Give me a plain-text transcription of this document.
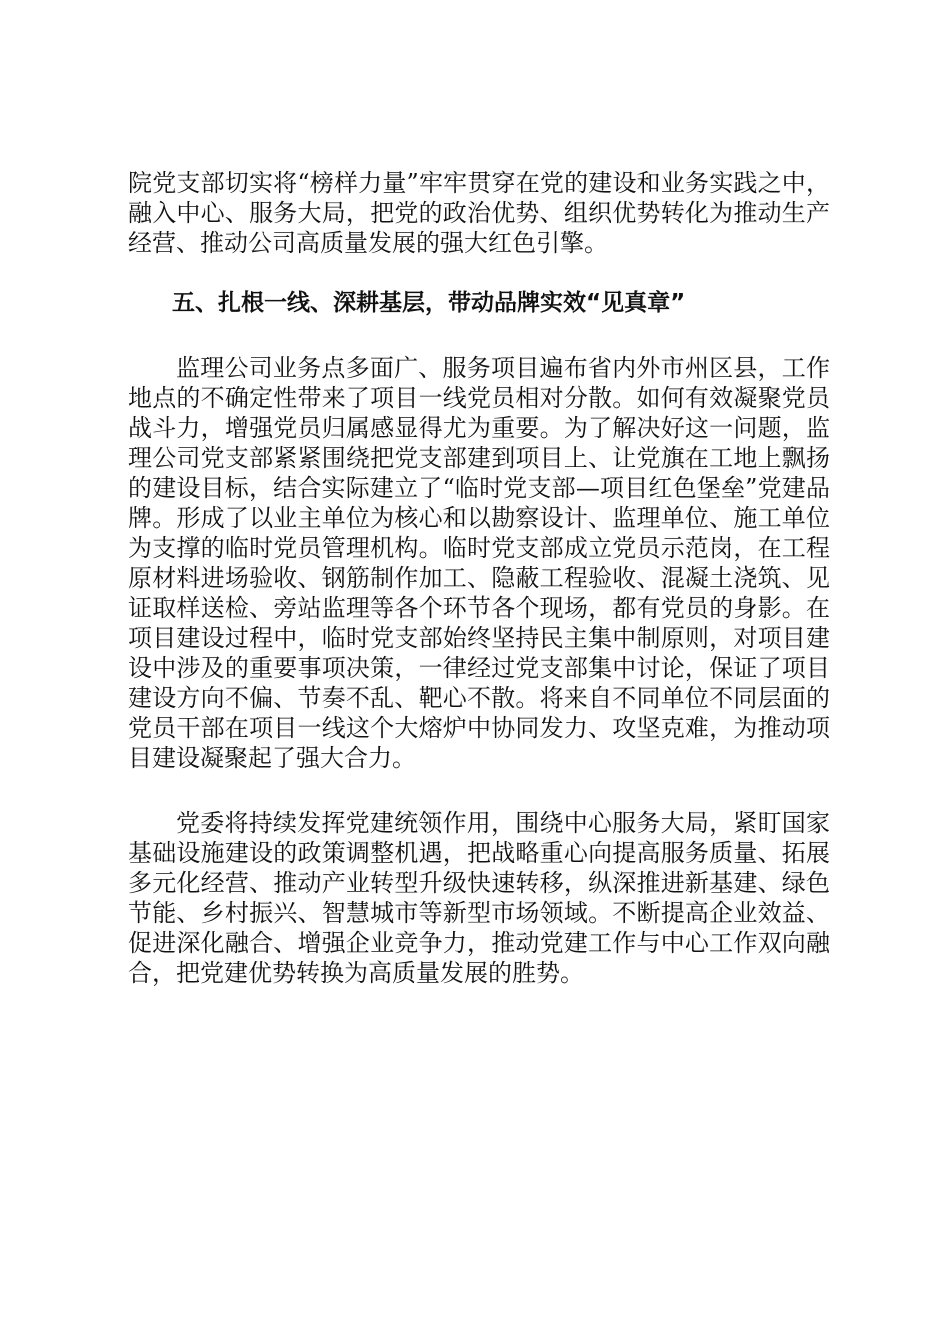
院党支部切实将“榜样力量”牢牢贯穿在党的建设和业务实践之中，融入中心、服务大局，把党的政治优势、组织优势转化为推动生产经营、推动公司高质量发展的强大红色引擎。

五、扎根一线、深耕基层，带动品牌实效“见真章”

监理公司业务点多面广、服务项目遍布省内外市州区县，工作地点的不确定性带来了项目一线党员相对分散。如何有效凝聚党员战斗力，增强党员归属感显得尤为重要。为了解决好这一问题，监理公司党支部紧紧围绕把党支部建到项目上、让党旗在工地上飘扬的建设目标，结合实际建立了“临时党支部—项目红色堡垒”党建品牌。形成了以业主单位为核心和以勘察设计、监理单位、施工单位为支撑的临时党员管理机构。临时党支部成立党员示范岗，在工程原材料进场验收、钢筋制作加工、隐蔽工程验收、混凝土浇筑、见证取样送检、旁站监理等各个环节各个现场，都有党员的身影。在项目建设过程中，临时党支部始终坚持民主集中制原则，对项目建设中涉及的重要事项决策，一律经过党支部集中讨论，保证了项目建设方向不偏、节奏不乱、靶心不散。将来自不同单位不同层面的党员干部在项目一线这个大熔炉中协同发力、攻坚克难，为推动项目建设凝聚起了强大合力。

党委将持续发挥党建统领作用，围绕中心服务大局，紧盯国家基础设施建设的政策调整机遇，把战略重心向提高服务质量、拓展多元化经营、推动产业转型升级快速转移，纵深推进新基建、绿色节能、乡村振兴、智慧城市等新型市场领域。不断提高企业效益、促进深化融合、增强企业竞争力，推动党建工作与中心工作双向融合，把党建优势转换为高质量发展的胜势。
